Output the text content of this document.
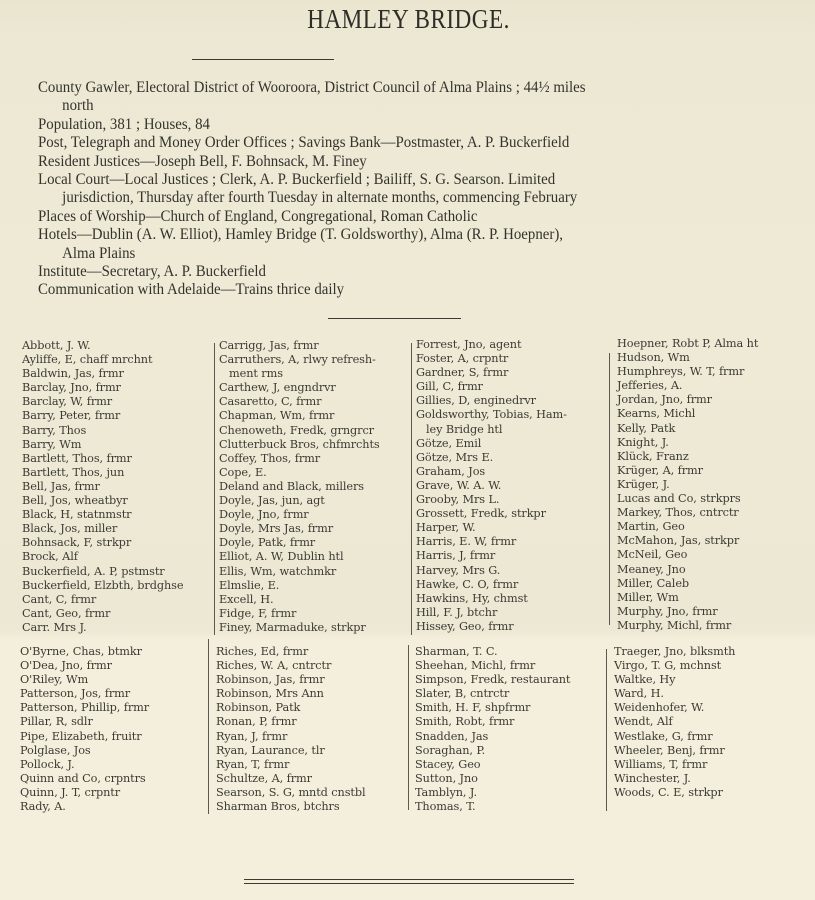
HAMLEY BRIDGE.
County Gawler, Electoral District of Wooroora, District Council of Alma Plains ; 44½ miles
north
Population, 381 ; Houses, 84
Post, Telegraph and Money Order Offices ; Savings Bank—Postmaster, A. P. Buckerfield
Resident Justices—Joseph Bell, F. Bohnsack, M. Finey
Local Court—Local Justices ; Clerk, A. P. Buckerfield ; Bailiff, S. G. Searson. Limited
jurisdiction, Thursday after fourth Tuesday in alternate months, commencing February
Places of Worship—Church of England, Congregational, Roman Catholic
Hotels—Dublin (A. W. Elliot), Hamley Bridge (T. Goldsworthy), Alma (R. P. Hoepner),
Alma Plains
Institute—Secretary, A. P. Buckerfield
Communication with Adelaide—Trains thrice daily
Abbott, J. W.
Ayliffe, E, chaff mrchnt
Baldwin, Jas, frmr
Barclay, Jno, frmr
Barclay, W, frmr
Barry, Peter, frmr
Barry, Thos
Barry, Wm
Bartlett, Thos, frmr
Bartlett, Thos, jun
Bell, Jas, frmr
Bell, Jos, wheatbyr
Black, H, statnmstr
Black, Jos, miller
Bohnsack, F, strkpr
Brock, Alf
Buckerfield, A. P, pstmstr
Buckerfield, Elzbth, brdghse
Cant, C, frmr
Cant, Geo, frmr
Carr. Mrs J.
Carrigg, Jas, frmr
Carruthers, A, rlwy refresh-
ment rms
Carthew, J, engndrvr
Casaretto, C, frmr
Chapman, Wm, frmr
Chenoweth, Fredk, grngrcr
Clutterbuck Bros, chfmrchts
Coffey, Thos, frmr
Cope, E.
Deland and Black, millers
Doyle, Jas, jun, agt
Doyle, Jno, frmr
Doyle, Mrs Jas, frmr
Doyle, Patk, frmr
Elliot, A. W, Dublin htl
Ellis, Wm, watchmkr
Elmslie, E.
Excell, H.
Fidge, F, frmr
Finey, Marmaduke, strkpr
Forrest, Jno, agent
Foster, A, crpntr
Gardner, S, frmr
Gill, C, frmr
Gillies, D, enginedrvr
Goldsworthy, Tobias, Ham-
ley Bridge htl
Götze, Emil
Götze, Mrs E.
Graham, Jos
Grave, W. A. W.
Grooby, Mrs L.
Grossett, Fredk, strkpr
Harper, W.
Harris, E. W, frmr
Harris, J, frmr
Harvey, Mrs G.
Hawke, C. O, frmr
Hawkins, Hy, chmst
Hill, F. J, btchr
Hissey, Geo, frmr
Hoepner, Robt P, Alma ht
Hudson, Wm
Humphreys, W. T, frmr
Jefferies, A.
Jordan, Jno, frmr
Kearns, Michl
Kelly, Patk
Knight, J.
Klück, Franz
Krüger, A, frmr
Krüger, J.
Lucas and Co, strkprs
Markey, Thos, cntrctr
Martin, Geo
McMahon, Jas, strkpr
McNeil, Geo
Meaney, Jno
Miller, Caleb
Miller, Wm
Murphy, Jno, frmr
Murphy, Michl, frmr
O'Byrne, Chas, btmkr
O'Dea, Jno, frmr
O'Riley, Wm
Patterson, Jos, frmr
Patterson, Phillip, frmr
Pillar, R, sdlr
Pipe, Elizabeth, fruitr
Polglase, Jos
Pollock, J.
Quinn and Co, crpntrs
Quinn, J. T, crpntr
Rady, A.
Riches, Ed, frmr
Riches, W. A, cntrctr
Robinson, Jas, frmr
Robinson, Mrs Ann
Robinson, Patk
Ronan, P, frmr
Ryan, J, frmr
Ryan, Laurance, tlr
Ryan, T, frmr
Schultze, A, frmr
Searson, S. G, mntd cnstbl
Sharman Bros, btchrs
Sharman, T. C.
Sheehan, Michl, frmr
Simpson, Fredk, restaurant
Slater, B, cntrctr
Smith, H. F, shpfrmr
Smith, Robt, frmr
Snadden, Jas
Soraghan, P.
Stacey, Geo
Sutton, Jno
Tamblyn, J.
Thomas, T.
Traeger, Jno, blksmth
Virgo, T. G, mchnst
Waltke, Hy
Ward, H.
Weidenhofer, W.
Wendt, Alf
Westlake, G, frmr
Wheeler, Benj, frmr
Williams, T, frmr
Winchester, J.
Woods, C. E, strkpr
